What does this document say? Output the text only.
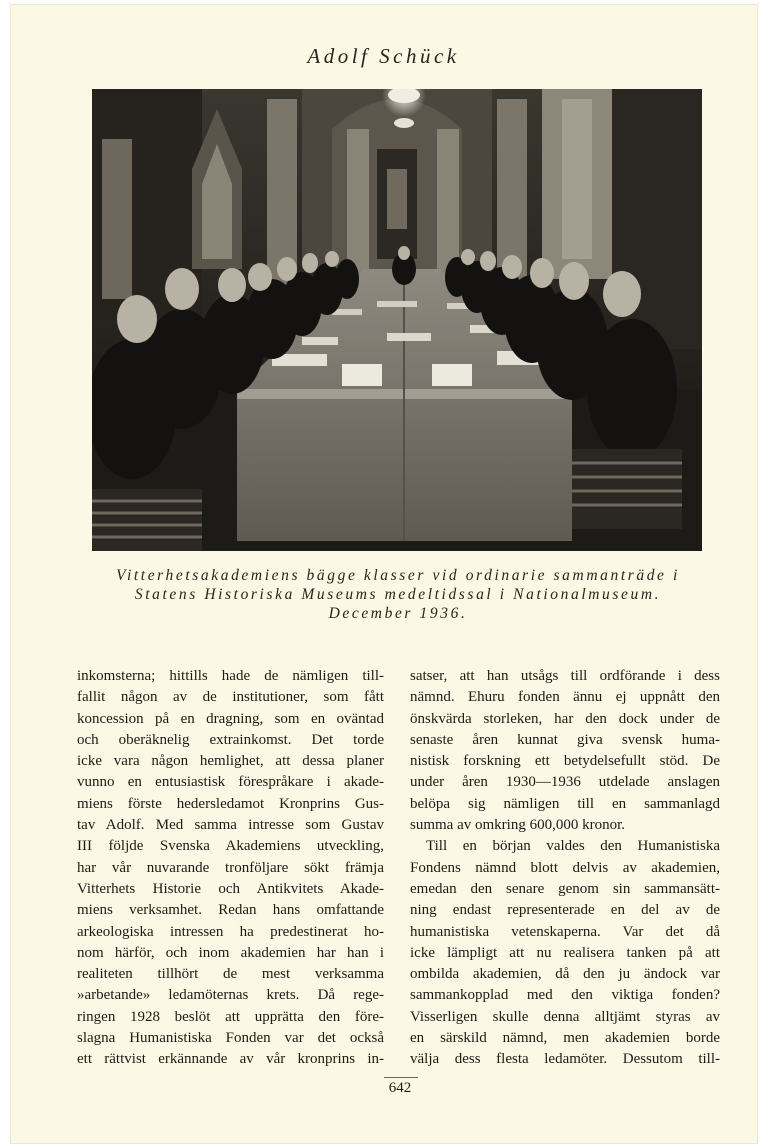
Adolf Schück
Vitterhetsakademiens bägge klasser vid ordinarie sammanträde i
Statens Historiska Museums medeltidssal i Nationalmuseum.
December 1936.
inkomsterna; hittills hade de nämligen till-
fallit någon av de institutioner, som fått
koncession på en dragning, som en oväntad
och oberäknelig extrainkomst. Det torde
icke vara någon hemlighet, att dessa planer
vunno en entusiastisk förespråkare i akade-
miens förste hedersledamot Kronprins Gus-
tav Adolf. Med samma intresse som Gustav
III följde Svenska Akademiens utveckling,
har vår nuvarande tronföljare sökt främja
Vitterhets Historie och Antikvitets Akade-
miens verksamhet. Redan hans omfattande
arkeologiska intressen ha predestinerat ho-
nom härför, och inom akademien har han i
realiteten tillhört de mest verksamma
»arbetande» ledamöternas krets. Då rege-
ringen 1928 beslöt att upprätta den före-
slagna Humanistiska Fonden var det också
ett rättvist erkännande av vår kronprins in-
satser, att han utsågs till ordförande i dess
nämnd. Ehuru fonden ännu ej uppnått den
önskvärda storleken, har den dock under de
senaste åren kunnat giva svensk huma-
nistisk forskning ett betydelsefullt stöd. De
under åren 1930—1936 utdelade anslagen
belöpa sig nämligen till en sammanlagd
summa av omkring 600,000 kronor.
Till en början valdes den Humanistiska
Fondens nämnd blott delvis av akademien,
emedan den senare genom sin sammansätt-
ning endast representerade en del av de
humanistiska vetenskaperna. Var det då
icke lämpligt att nu realisera tanken på att
ombilda akademien, då den ju ändock var
sammankopplad med den viktiga fonden?
Visserligen skulle denna alltjämt styras av
en särskild nämnd, men akademien borde
välja dess flesta ledamöter. Dessutom till-
642
